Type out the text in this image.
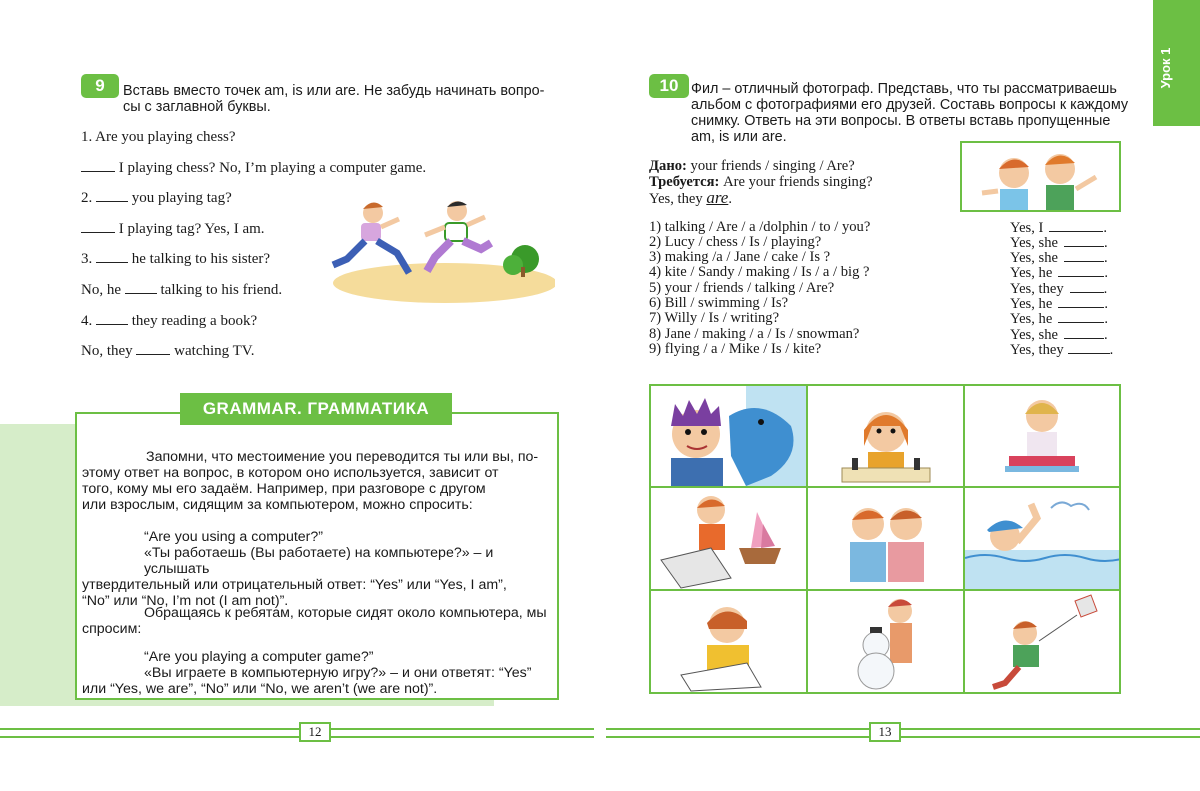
9	Вставь вместо точек am, is или are. Не забудь начинать вопро-
сы с заглавной буквы.
1. Are you playing chess?
I playing chess? No, I’m playing a computer game.
2.  you playing tag?
I playing tag? Yes, I am.
3.  he talking to his sister?
No, he  talking to his friend.
4.  they reading a book?
No, they  watching TV.
GRAMMAR. ГРАММАТИКА
Запомни, что местоимение you переводится ты или вы, по-
этому ответ на вопрос, в котором оно используется, зависит от
того, кому мы его задаём. Например, при разговоре с другом
или взрослым, сидящим за компьютером, можно спросить:
“Are you using a computer?”
«Ты работаешь (Вы работаете) на компьютере?» – и услышать
утвердительный или отрицательный ответ: “Yes” или “Yes, I am”,
“No” или “No, I’m not (I am not)”.
Обращаясь к ребятам, которые сидят около компьютера, мы
спросим:
“Are you playing a computer game?”
«Вы играете в компьютерную игру?» – и они ответят: “Yes”
или “Yes, we are”, “No” или “No, we aren’t (we are not)”.
12
Урок 1
10 Фил – отличный фотограф. Представь, что ты рассматриваешь
альбом с фотографиями его друзей. Составь вопросы к каждому
снимку. Ответь на эти вопросы. В ответы вставь пропущенные
am, is или are.
Дано: your friends / singing / Are?
Требуется: Are your friends singing?
Yes, they are.
1) talking / Are / a /dolphin / to / you?	Yes, I	.
2) Lucy / chess / Is / playing?	Yes, she	.
3) making /a / Jane / cake / Is ?	Yes, she	.
4) kite / Sandy / making / Is / a / big ?	Yes, he	.
5) your / friends / talking / Are?	Yes, they	.
6) Bill / swimming / Is?	Yes, he	.
7) Willy / Is / writing?	Yes, he	.
8) Jane / making / a / Is / snowman?	Yes, she	.
9) flying / a / Mike / Is / kite?	Yes, they	.
13
